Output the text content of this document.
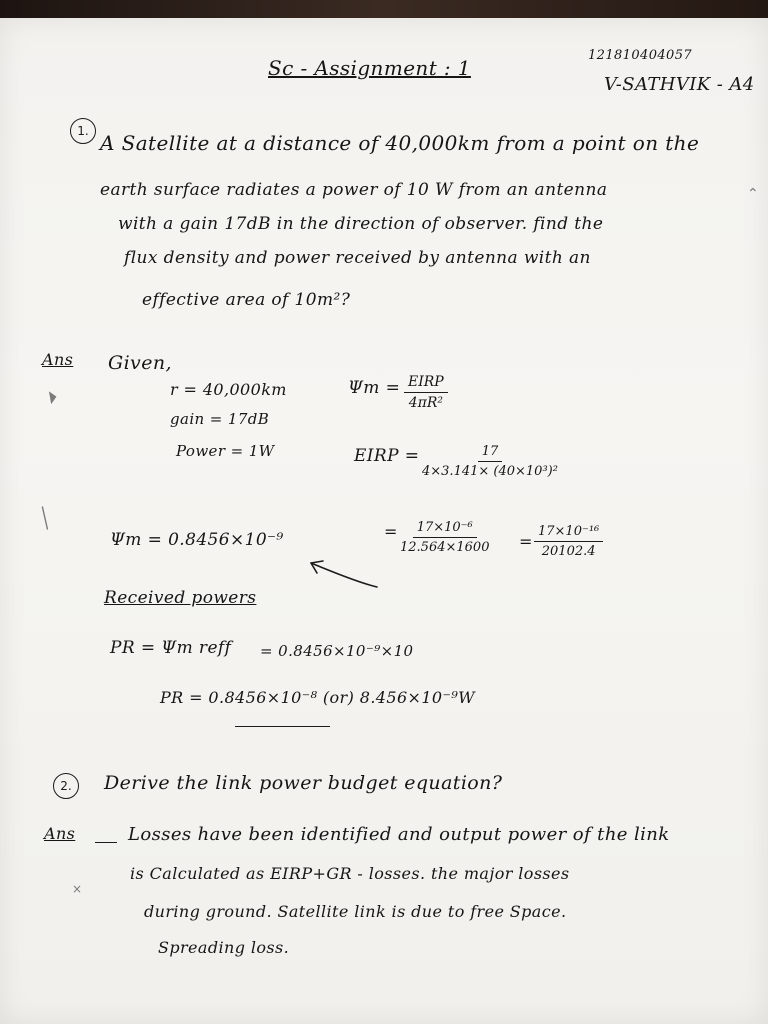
Sc - Assignment : 1
121810404057
V-SATHVIK - A4
1. A Satellite at a distance of 40,000km from a point on the
earth surface radiates a power of 10 W from an antenna
with a gain 17dB in the direction of observer. find the
flux density and power received by antenna with an
effective area of 10m²?
Ans Given,
r = 40,000km
gain = 17dB
Power = 1W
Ψm = EIRP
4πR²
EIRP = $\frac{17}{\text{4×3.141× (40×10³)²}}$
Ψm = 0.8456×10⁻⁹	= $\frac{\text{17×10⁻⁶}}{12.564\times 1600} = \frac{\text{17×10⁻¹⁶}}{20102.4}$
Received powers
PR = Ψm reff = 0.8456×10⁻⁹×10
PR = 0.8456×10⁻⁸ (or) 8.456×10⁻⁹W
2.	Derive the link power budget equation?
Ans	Losses have been identified and output power of the link
is Calculated as EIRP+GR - losses. the major losses
during ground. Satellite link is due to free Space.
Spreading loss.
⌃
◥
╱
×
